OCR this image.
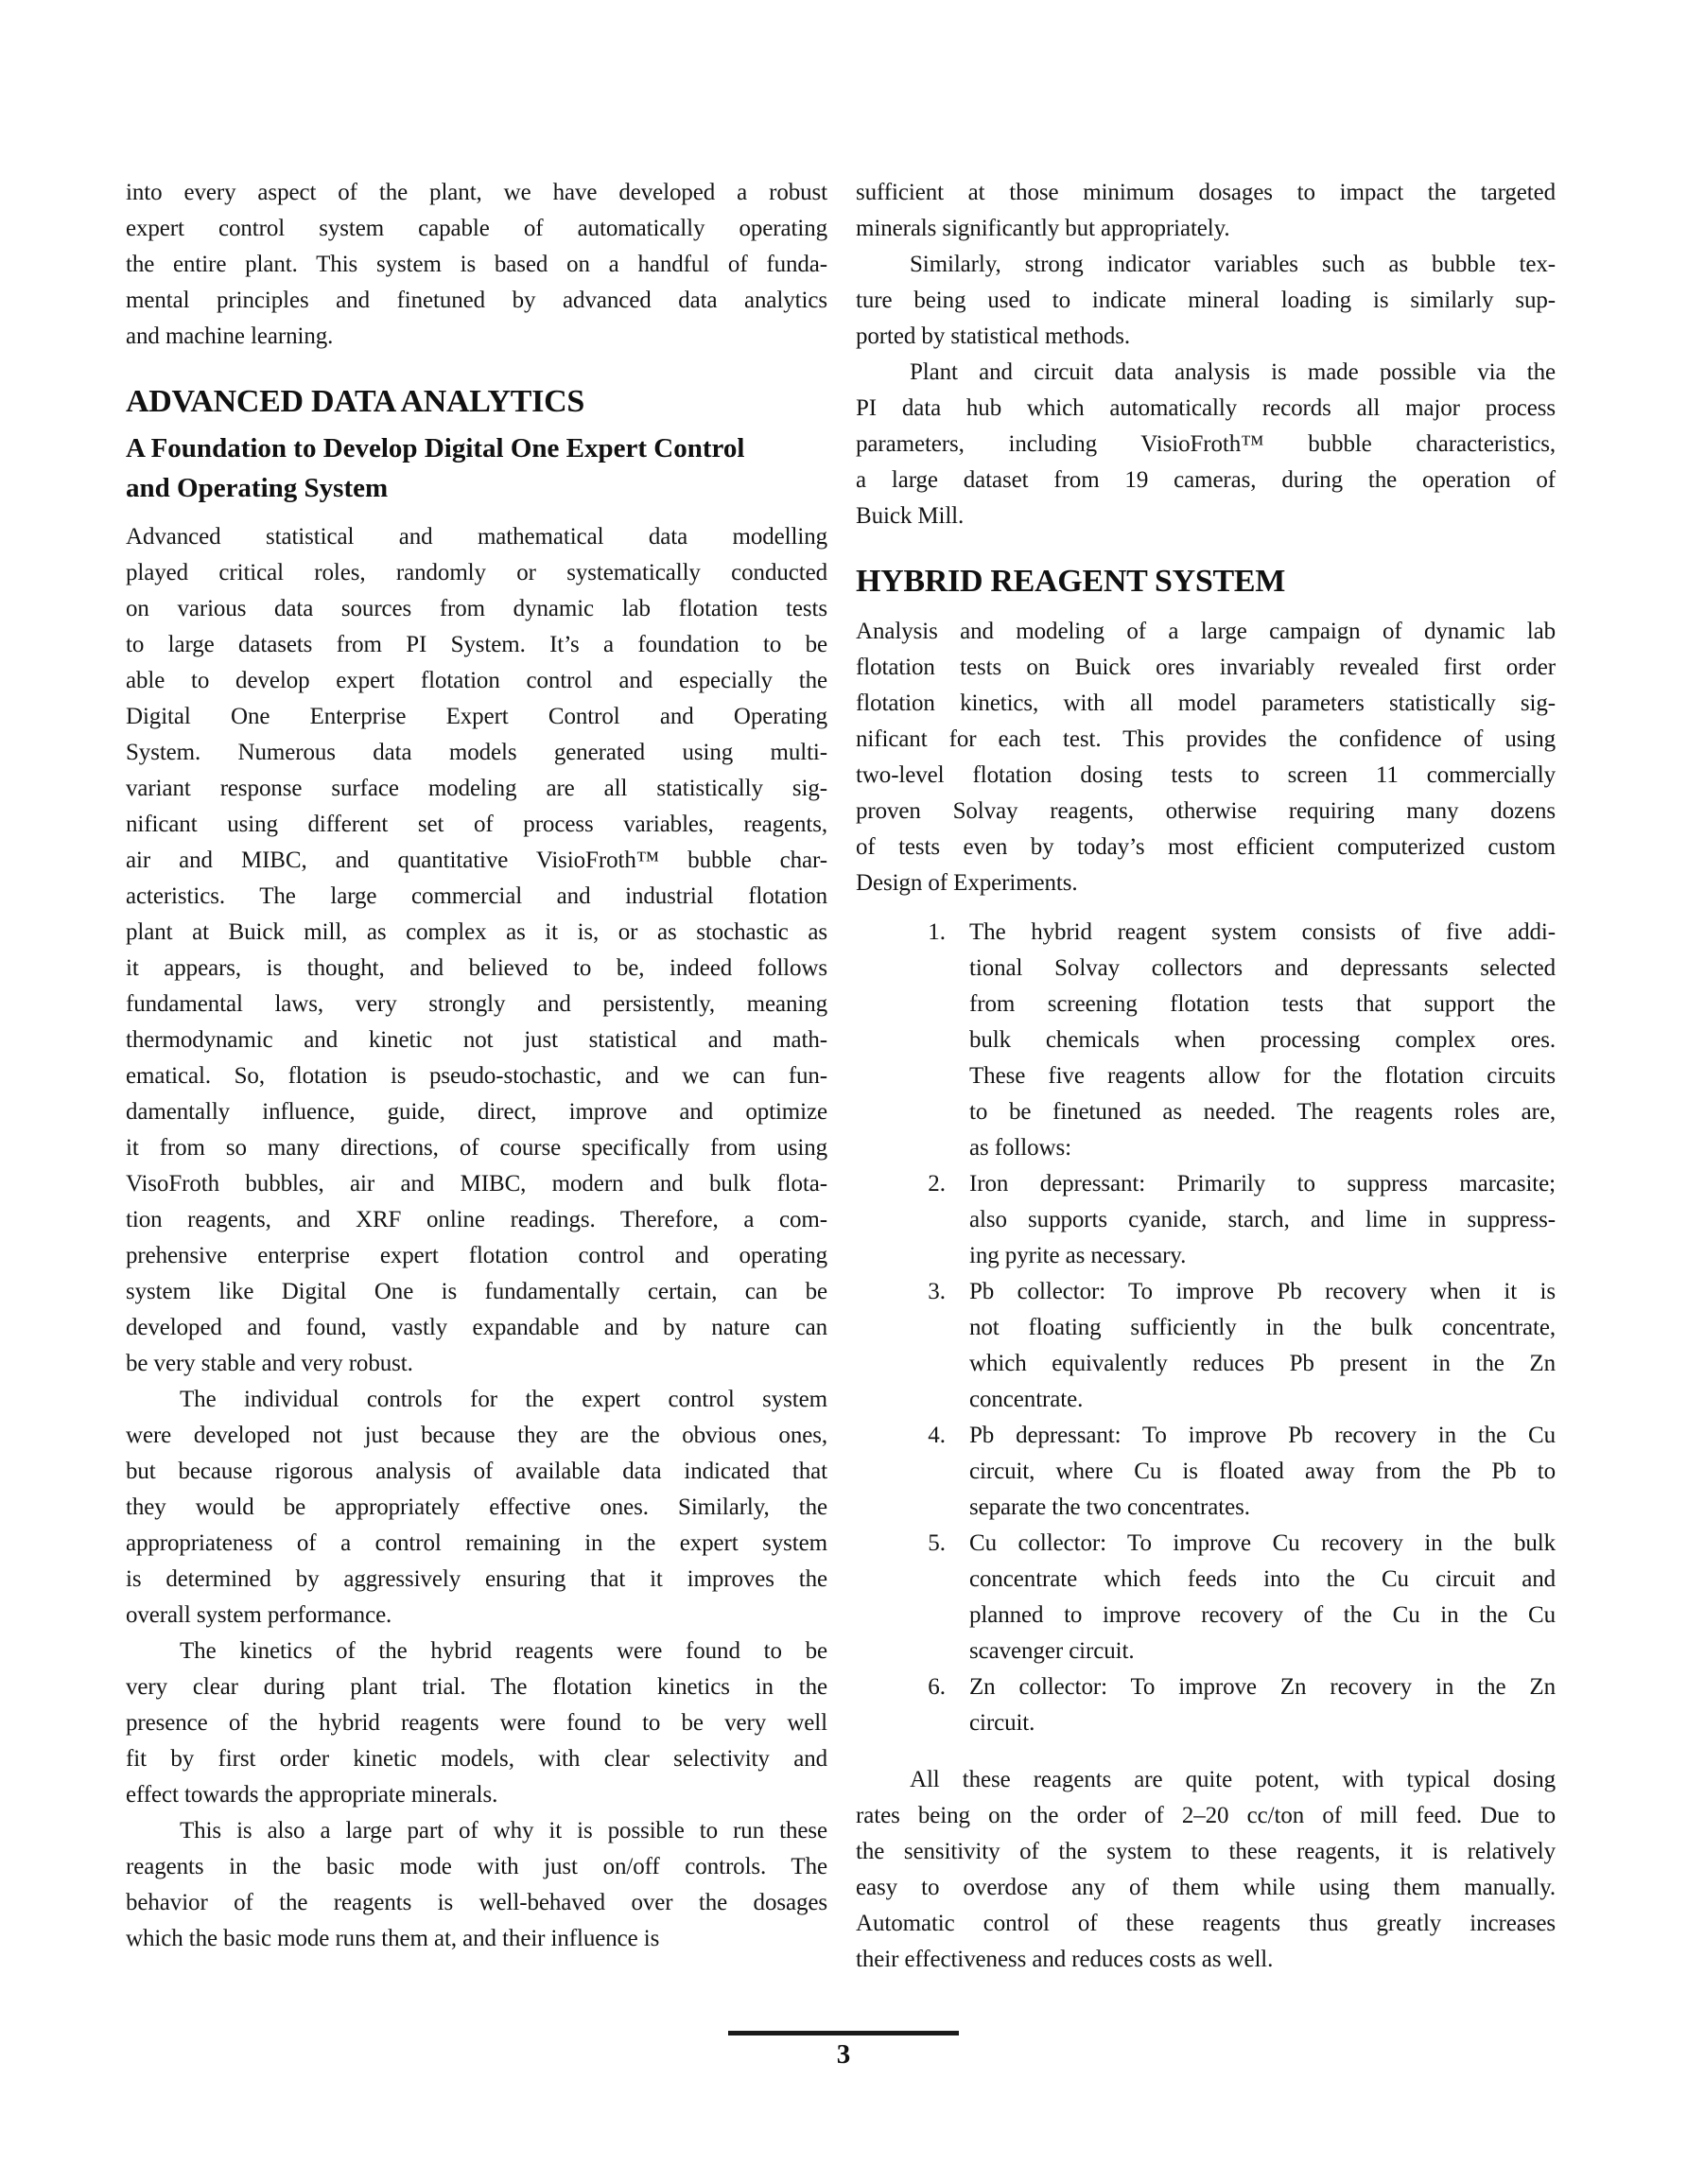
into every aspect of the plant, we have developed a robust
expert control system capable of automatically operating
the entire plant. This system is based on a handful of funda-
mental principles and finetuned by advanced data analytics
and machine learning.
ADVANCED DATA ANALYTICS
A Foundation to Develop Digital One Expert Control
and Operating System
Advanced statistical and mathematical data modelling
played critical roles, randomly or systematically conducted
on various data sources from dynamic lab flotation tests
to large datasets from PI System. It’s a foundation to be
able to develop expert flotation control and especially the
Digital One Enterprise Expert Control and Operating
System. Numerous data models generated using multi-
variant response surface modeling are all statistically sig-
nificant using different set of process variables, reagents,
air and MIBC, and quantitative VisioFroth™ bubble char-
acteristics. The large commercial and industrial flotation
plant at Buick mill, as complex as it is, or as stochastic as
it appears, is thought, and believed to be, indeed follows
fundamental laws, very strongly and persistently, meaning
thermodynamic and kinetic not just statistical and math-
ematical. So, flotation is pseudo-stochastic, and we can fun-
damentally influence, guide, direct, improve and optimize
it from so many directions, of course specifically from using
VisoFroth bubbles, air and MIBC, modern and bulk flota-
tion reagents, and XRF online readings. Therefore, a com-
prehensive enterprise expert flotation control and operating
system like Digital One is fundamentally certain, can be
developed and found, vastly expandable and by nature can
be very stable and very robust.
The individual controls for the expert control system
were developed not just because they are the obvious ones,
but because rigorous analysis of available data indicated that
they would be appropriately effective ones. Similarly, the
appropriateness of a control remaining in the expert system
is determined by aggressively ensuring that it improves the
overall system performance.
The kinetics of the hybrid reagents were found to be
very clear during plant trial. The flotation kinetics in the
presence of the hybrid reagents were found to be very well
fit by first order kinetic models, with clear selectivity and
effect towards the appropriate minerals.
This is also a large part of why it is possible to run these
reagents in the basic mode with just on/off controls. The
behavior of the reagents is well-behaved over the dosages
which the basic mode runs them at, and their influence is
sufficient at those minimum dosages to impact the targeted
minerals significantly but appropriately.
Similarly, strong indicator variables such as bubble tex-
ture being used to indicate mineral loading is similarly sup-
ported by statistical methods.
Plant and circuit data analysis is made possible via the
PI data hub which automatically records all major process
parameters, including VisioFroth™ bubble characteristics,
a large dataset from 19 cameras, during the operation of
Buick Mill.
HYBRID REAGENT SYSTEM
Analysis and modeling of a large campaign of dynamic lab
flotation tests on Buick ores invariably revealed first order
flotation kinetics, with all model parameters statistically sig-
nificant for each test. This provides the confidence of using
two-level flotation dosing tests to screen 11 commercially
proven Solvay reagents, otherwise requiring many dozens
of tests even by today’s most efficient computerized custom
Design of Experiments.
1. The hybrid reagent system consists of five addi-
tional Solvay collectors and depressants selected
from screening flotation tests that support the
bulk chemicals when processing complex ores.
These five reagents allow for the flotation circuits
to be finetuned as needed. The reagents roles are,
as follows:
2. Iron depressant: Primarily to suppress marcasite;
also supports cyanide, starch, and lime in suppress-
ing pyrite as necessary.
3. Pb collector: To improve Pb recovery when it is
not floating sufficiently in the bulk concentrate,
which equivalently reduces Pb present in the Zn
concentrate.
4. Pb depressant: To improve Pb recovery in the Cu
circuit, where Cu is floated away from the Pb to
separate the two concentrates.
5. Cu collector: To improve Cu recovery in the bulk
concentrate which feeds into the Cu circuit and
planned to improve recovery of the Cu in the Cu
scavenger circuit.
6. Zn collector: To improve Zn recovery in the Zn
circuit.
All these reagents are quite potent, with typical dosing
rates being on the order of 2–20 cc/ton of mill feed. Due to
the sensitivity of the system to these reagents, it is relatively
easy to overdose any of them while using them manually.
Automatic control of these reagents thus greatly increases
their effectiveness and reduces costs as well.
3
